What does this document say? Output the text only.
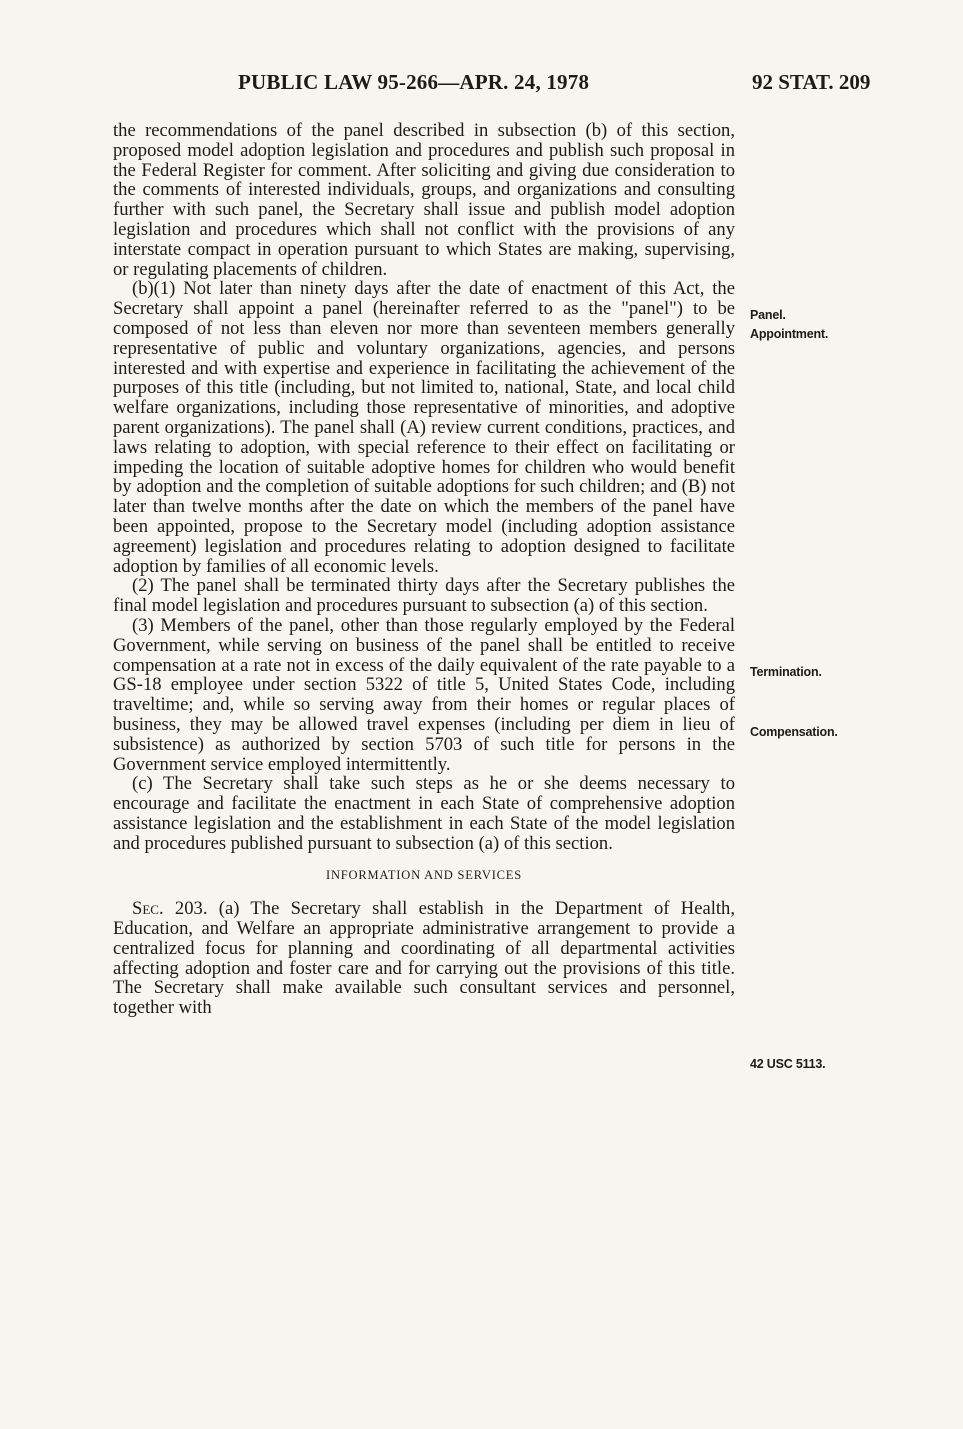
PUBLIC LAW 95-266—APR. 24, 1978	92 STAT. 209

the recommendations of the panel described in subsection (b) of this section, proposed model adoption legislation and procedures and publish such proposal in the Federal Register for comment. After soliciting and giving due consideration to the comments of interested individuals, groups, and organizations and consulting further with such panel, the Secretary shall issue and publish model adoption legislation and procedures which shall not conflict with the provisions of any interstate compact in operation pursuant to which States are making, supervising, or regulating placements of children.

(b)(1) Not later than ninety days after the date of enactment of this Act, the Secretary shall appoint a panel (hereinafter referred to as the "panel") to be composed of not less than eleven nor more than seventeen members generally representative of public and voluntary organizations, agencies, and persons interested and with expertise and experience in facilitating the achievement of the purposes of this title (including, but not limited to, national, State, and local child welfare organizations, including those representative of minorities, and adoptive parent organizations). The panel shall (A) review current conditions, practices, and laws relating to adoption, with special reference to their effect on facilitating or impeding the location of suitable adoptive homes for children who would benefit by adoption and the completion of suitable adoptions for such children; and (B) not later than twelve months after the date on which the members of the panel have been appointed, propose to the Secretary model (including adoption assistance agreement) legislation and procedures relating to adoption designed to facilitate adoption by families of all economic levels.

(2) The panel shall be terminated thirty days after the Secretary publishes the final model legislation and procedures pursuant to subsection (a) of this section.

(3) Members of the panel, other than those regularly employed by the Federal Government, while serving on business of the panel shall be entitled to receive compensation at a rate not in excess of the daily equivalent of the rate payable to a GS-18 employee under section 5322 of title 5, United States Code, including traveltime; and, while so serving away from their homes or regular places of business, they may be allowed travel expenses (including per diem in lieu of subsistence) as authorized by section 5703 of such title for persons in the Government service employed intermittently.

(c) The Secretary shall take such steps as he or she deems necessary to encourage and facilitate the enactment in each State of comprehensive adoption assistance legislation and the establishment in each State of the model legislation and procedures published pursuant to subsection (a) of this section.

INFORMATION AND SERVICES

Sec. 203. (a) The Secretary shall establish in the Department of Health, Education, and Welfare an appropriate administrative arrangement to provide a centralized focus for planning and coordinating of all departmental activities affecting adoption and foster care and for carrying out the provisions of this title. The Secretary shall make available such consultant services and personnel, together with

Panel.
Appointment.
Termination.
Compensation.
42 USC 5113.
